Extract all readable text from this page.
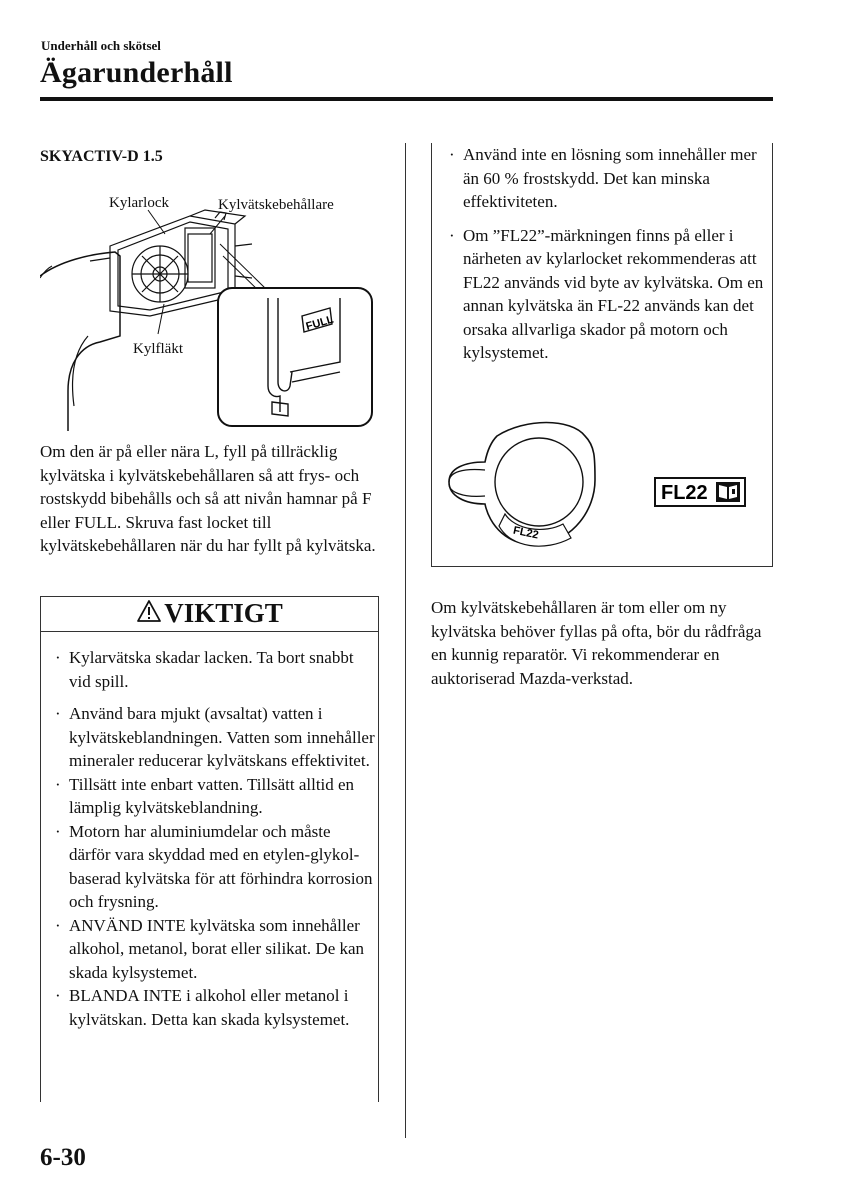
Underhåll och skötsel
Ägarunderhåll
SKYACTIV-D 1.5
FULL
Kylarlock	Kylvätskebehållare
Kylfläkt
Om den är på eller nära L, fyll på tillräcklig kylvätska i kylvätskebehållaren så att frys- och rostskydd bibehålls och så att nivån hamnar på F eller FULL. Skruva fast locket till kylvätskebehållaren när du har fyllt på kylvätska.
VIKTIGT
· Kylarvätska skadar lacken. Ta bort snabbt vid spill.
· Använd bara mjukt (avsaltat) vatten i kylvätskeblandningen. Vatten som innehåller mineraler reducerar kylvätskans effektivitet.
· Tillsätt inte enbart vatten. Tillsätt alltid en lämplig kylvätskeblandning.
· Motorn har aluminiumdelar och måste därför vara skyddad med en etylen-glykol-baserad kylvätska för att förhindra korrosion och frysning.
· ANVÄND INTE kylvätska som innehåller alkohol, metanol, borat eller silikat. De kan skada kylsystemet.
· BLANDA INTE i alkohol eller metanol i kylvätskan. Detta kan skada kylsystemet.
· Använd inte en lösning som innehåller mer än 60 % frostskydd. Det kan minska effektiviteten.
· Om ”FL22”-märkningen finns på eller i närheten av kylarlocket rekommenderas att FL22 används vid byte av kylvätska. Om en annan kylvätska än FL-22 används kan det orsaka allvarliga skador på motorn och kylsystemet.
FL22
FL22
Om kylvätskebehållaren är tom eller om ny kylvätska behöver fyllas på ofta, bör du rådfråga en kunnig reparatör. Vi rekommenderar en auktoriserad Mazda-verkstad.
6-30
